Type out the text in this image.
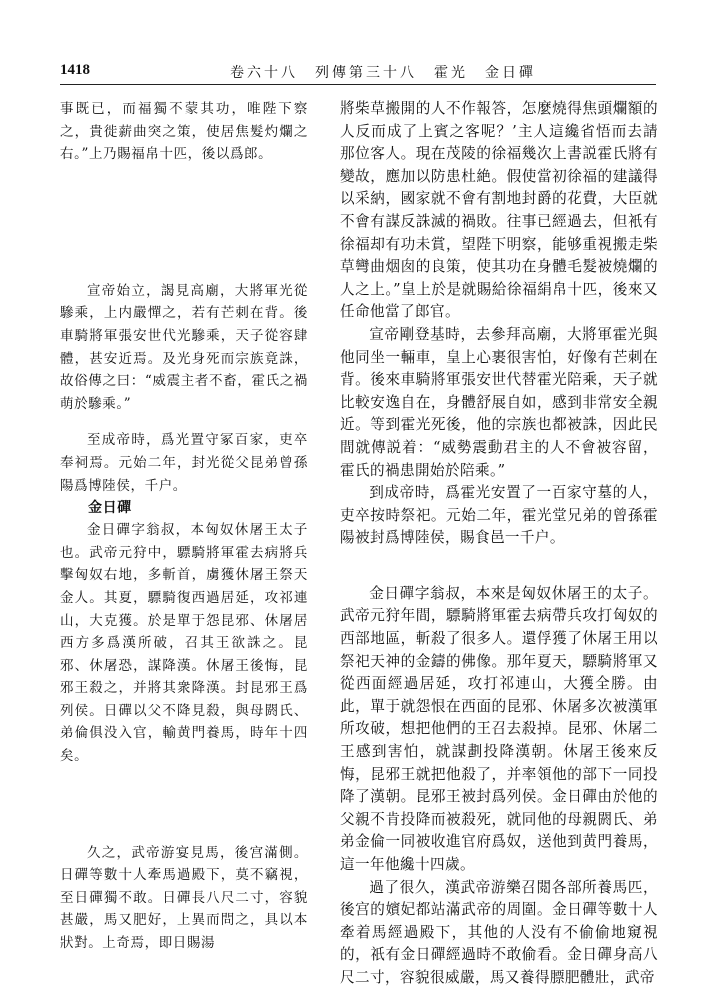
1418	卷六十八　列傳第三十八　霍光　金日磾

事既已，而福獨不蒙其功，唯陛下察之，貴徙薪曲突之策，使居焦髮灼爛之右。”上乃賜福帛十匹，後以爲郎。

宣帝始立，謁見高廟，大將軍光從驂乘，上内嚴憚之，若有芒刺在背。後車騎將軍張安世代光驂乘，天子從容肆體，甚安近焉。及光身死而宗族竟誅，故俗傳之曰：“威震主者不畜，霍氏之禍萌於驂乘。”

至成帝時，爲光置守冢百家，吏卒奉祠焉。元始二年，封光從父昆弟曾孫陽爲博陸侯，千户。

金日磾

金日磾字翁叔，本匈奴休屠王太子也。武帝元狩中，驃騎將軍霍去病將兵擊匈奴右地，多斬首，虜獲休屠王祭天金人。其夏，驃騎復西過居延，攻祁連山，大克獲。於是單于怨昆邪、休屠居西方多爲漢所破，召其王欲誅之。昆邪、休屠恐，謀降漢。休屠王後悔，昆邪王殺之，并將其衆降漢。封昆邪王爲列侯。日磾以父不降見殺，與母閼氏、弟倫俱没入官，輸黄門養馬，時年十四矣。

久之，武帝游宴見馬，後宫滿側。日磾等數十人牽馬過殿下，莫不竊視，至日磾獨不敢。日磾長八尺二寸，容貌甚嚴，馬又肥好，上異而問之，具以本狀對。上奇焉，即日賜湯

將柴草搬開的人不作報答，怎麼燒得焦頭爛額的人反而成了上賓之客呢？’主人這纔省悟而去請那位客人。現在茂陵的徐福幾次上書説霍氏將有變故，應加以防患杜絶。假使當初徐福的建議得以采納，國家就不會有割地封爵的花費，大臣就不會有謀反誅滅的禍敗。往事已經過去，但衹有徐福却有功未賞，望陛下明察，能够重視搬走柴草彎曲烟囱的良策，使其功在身體毛髮被燒爛的人之上。”皇上於是就賜給徐福絹帛十匹，後來又任命他當了郎官。

宣帝剛登基時，去參拜高廟，大將軍霍光與他同坐一輛車，皇上心裹很害怕，好像有芒刺在背。後來車騎將軍張安世代替霍光陪乘，天子就比較安逸自在，身體舒展自如，感到非常安全親近。等到霍光死後，他的宗族也都被誅，因此民間就傳説着：“威勢震動君主的人不會被容留，霍氏的禍患開始於陪乘。”

到成帝時，爲霍光安置了一百家守墓的人，吏卒按時祭祀。元始二年，霍光堂兄弟的曾孫霍陽被封爲博陸侯，賜食邑一千户。

金日磾字翁叔，本來是匈奴休屠王的太子。武帝元狩年間，驃騎將軍霍去病帶兵攻打匈奴的西部地區，斬殺了很多人。還俘獲了休屠王用以祭祀天神的金鑄的佛像。那年夏天，驃騎將軍又從西面經過居延，攻打祁連山，大獲全勝。由此，單于就怨恨在西面的昆邪、休屠多次被漢軍所攻破，想把他們的王召去殺掉。昆邪、休屠二王感到害怕，就謀劃投降漢朝。休屠王後來反悔，昆邪王就把他殺了，并率領他的部下一同投降了漢朝。昆邪王被封爲列侯。金日磾由於他的父親不肯投降而被殺死，就同他的母親閼氏、弟弟金倫一同被收進官府爲奴，送他到黄門養馬，這一年他纔十四歲。

過了很久，漢武帝游樂召閲各部所養馬匹，後宫的嬪妃都站滿武帝的周圍。金日磾等數十人牽着馬經過殿下，其他的人没有不偷偷地窺視的，祇有金日磾經過時不敢偷看。金日磾身高八尺二寸，容貌很威嚴，馬又養得膘肥體壯，武帝
